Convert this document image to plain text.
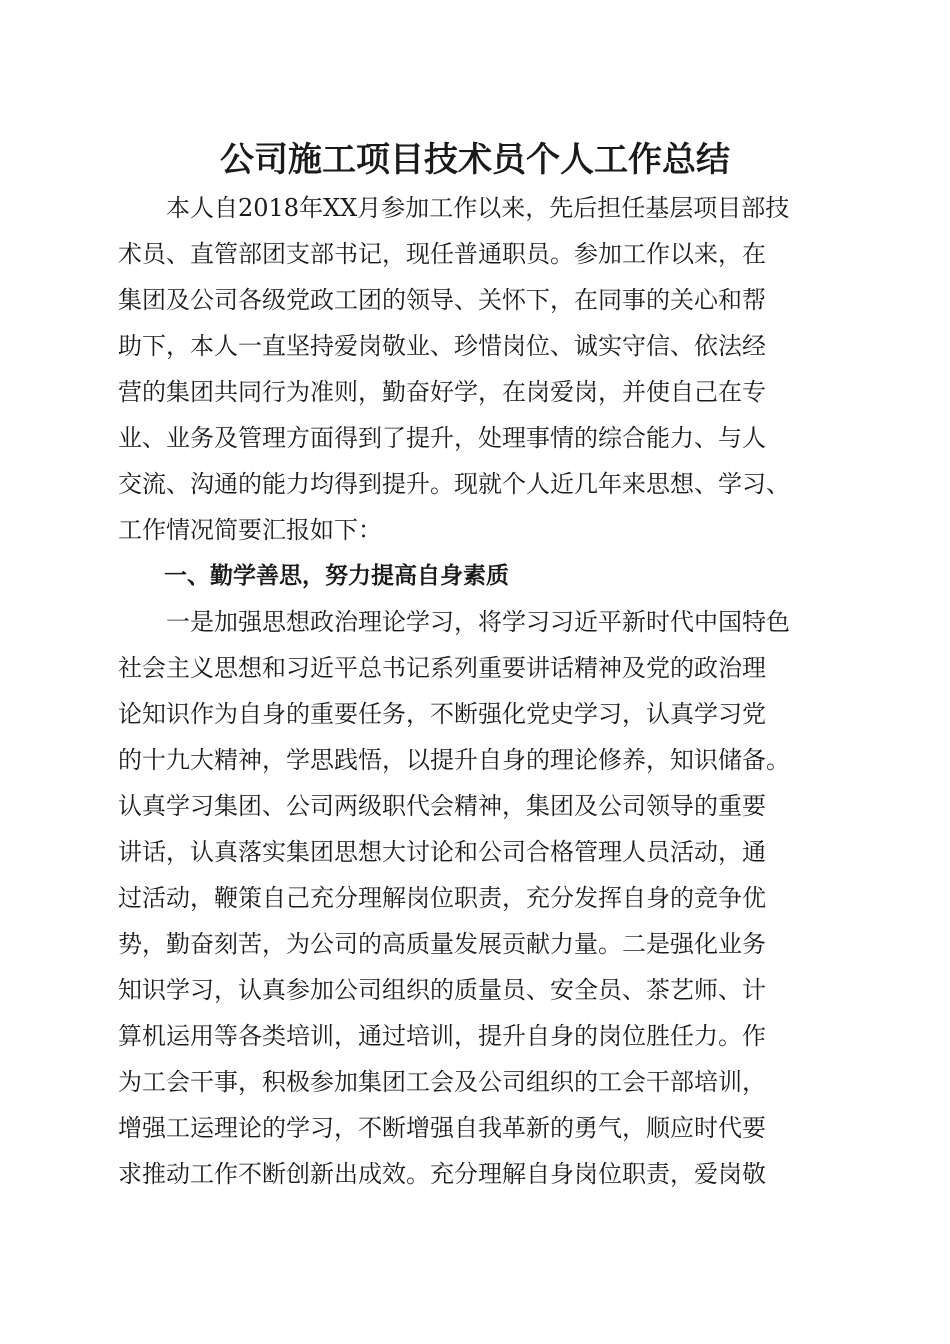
公司施工项目技术员个人工作总结
　　本人自2018年XX月参加工作以来，先后担任基层项目部技
术员、直管部团支部书记，现任普通职员。参加工作以来，在
集团及公司各级党政工团的领导、关怀下，在同事的关心和帮
助下，本人一直坚持爱岗敬业、珍惜岗位、诚实守信、依法经
营的集团共同行为准则，勤奋好学，在岗爱岗，并使自己在专
业、业务及管理方面得到了提升，处理事情的综合能力、与人
交流、沟通的能力均得到提升。现就个人近几年来思想、学习、
工作情况简要汇报如下：
　　一、勤学善思，努力提高自身素质
　　一是加强思想政治理论学习，将学习习近平新时代中国特色
社会主义思想和习近平总书记系列重要讲话精神及党的政治理
论知识作为自身的重要任务，不断强化党史学习，认真学习党
的十九大精神，学思践悟，以提升自身的理论修养，知识储备。
认真学习集团、公司两级职代会精神，集团及公司领导的重要
讲话，认真落实集团思想大讨论和公司合格管理人员活动，通
过活动，鞭策自己充分理解岗位职责，充分发挥自身的竞争优
势，勤奋刻苦，为公司的高质量发展贡献力量。二是强化业务
知识学习，认真参加公司组织的质量员、安全员、茶艺师、计
算机运用等各类培训，通过培训，提升自身的岗位胜任力。作
为工会干事，积极参加集团工会及公司组织的工会干部培训，
增强工运理论的学习，不断增强自我革新的勇气，顺应时代要
求推动工作不断创新出成效。充分理解自身岗位职责，爱岗敬
